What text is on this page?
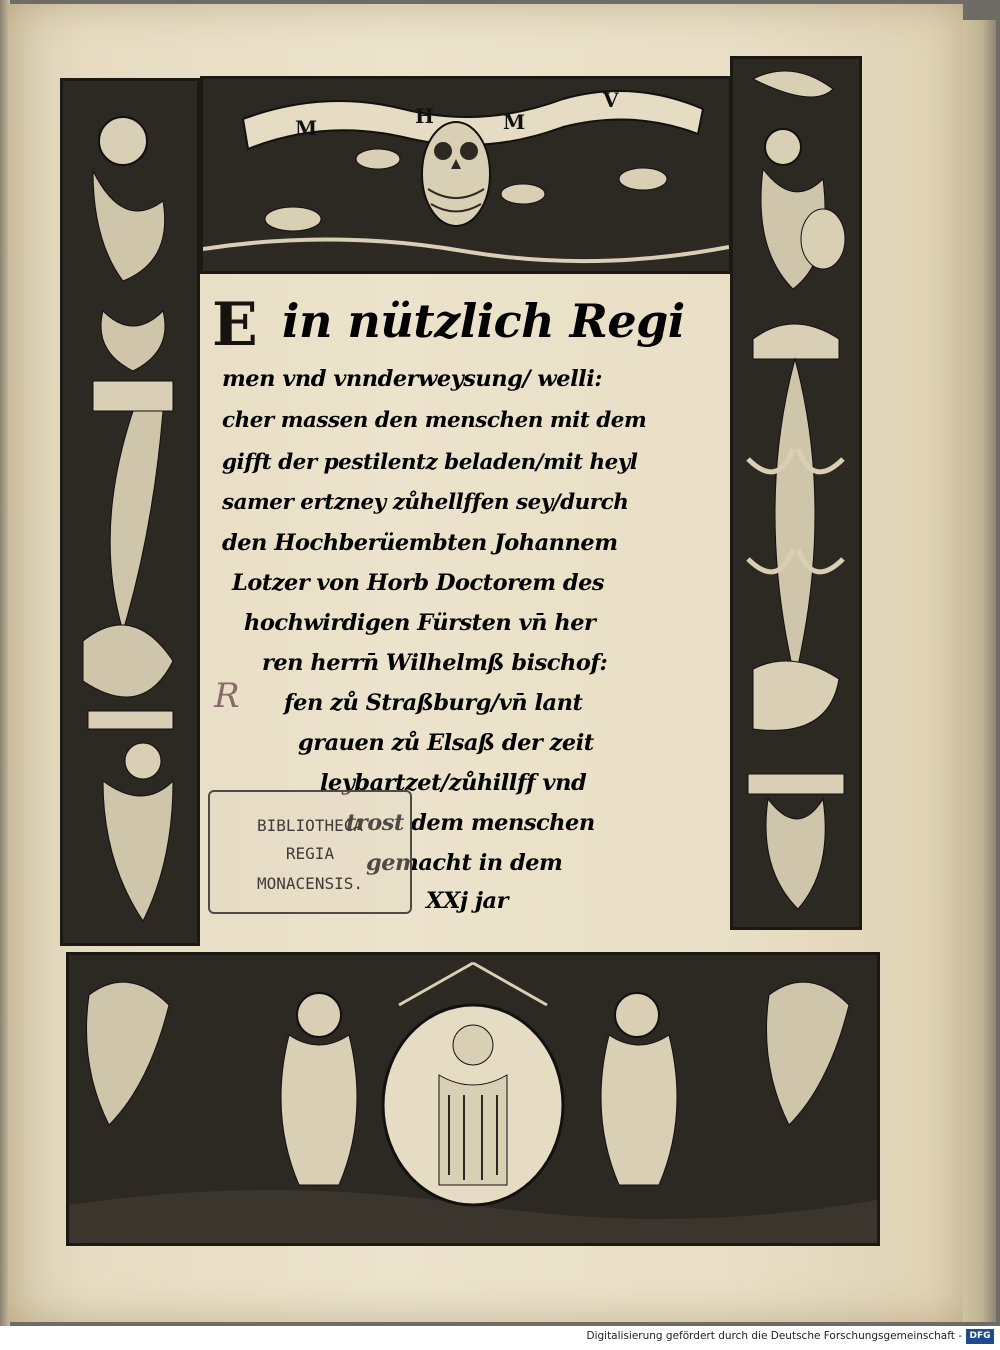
M	H	M
V
E in nützlich Regi
men vnd vnnderweysung/ welli:
cher massen den menschen mit dem
gifft der pestilentz beladen/mit heyl
samer ertzney zůhellffen sey/durch
den Hochberüembten Johannem
Lotzer von Horb Doctorem des
hochwirdigen Fürsten vn̄ her
ren herrn̄ Wilhelmß bischof:
fen zů Straßburg/vn̄ lant
grauen zů Elsaß der zeit
leybartzet/zůhillff vnd
trost dem menschen
gemacht in dem
XXj jar
R
BIBLIOTHECA
REGIA
MONACENSIS.
Digitalisierung gefördert durch die Deutsche Forschungsgemeinschaft - DFG
